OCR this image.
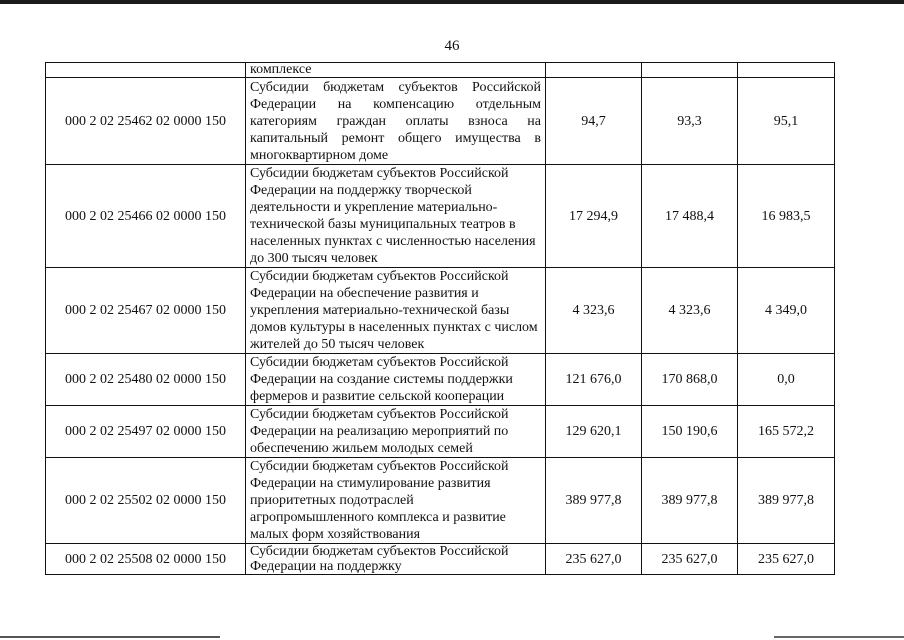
46
	комплексе			
000 2 02 25462 02 0000 150	Субсидии бюджетам субъектов Российской Федерации на компенсацию отдельным категориям граждан оплаты взноса на капитальный ремонт общего имущества в многоквартирном доме	94,7	93,3	95,1
000 2 02 25466 02 0000 150	Субсидии бюджетам субъектов Российской Федерации на поддержку творческой деятельности и укрепление материально-технической базы муниципальных театров в населенных пунктах с численностью населения до 300 тысяч человек	17 294,9	17 488,4	16 983,5
000 2 02 25467 02 0000 150	Субсидии бюджетам субъектов Российской Федерации на обеспечение развития и укрепления материально-технической базы домов культуры в населенных пунктах с числом жителей до 50 тысяч человек	4 323,6	4 323,6	4 349,0
000 2 02 25480 02 0000 150	Субсидии бюджетам субъектов Российской Федерации на создание системы поддержки фермеров и развитие сельской кооперации	121 676,0	170 868,0	0,0
000 2 02 25497 02 0000 150	Субсидии бюджетам субъектов Российской Федерации на реализацию мероприятий по обеспечению жильем молодых семей	129 620,1	150 190,6	165 572,2
000 2 02 25502 02 0000 150	Субсидии бюджетам субъектов Российской Федерации на стимулирование развития приоритетных подотраслей агропромышленного комплекса и развитие малых форм хозяйствования	389 977,8	389 977,8	389 977,8
000 2 02 25508 02 0000 150	Субсидии бюджетам субъектов Российской Федерации на поддержку	235 627,0	235 627,0	235 627,0
